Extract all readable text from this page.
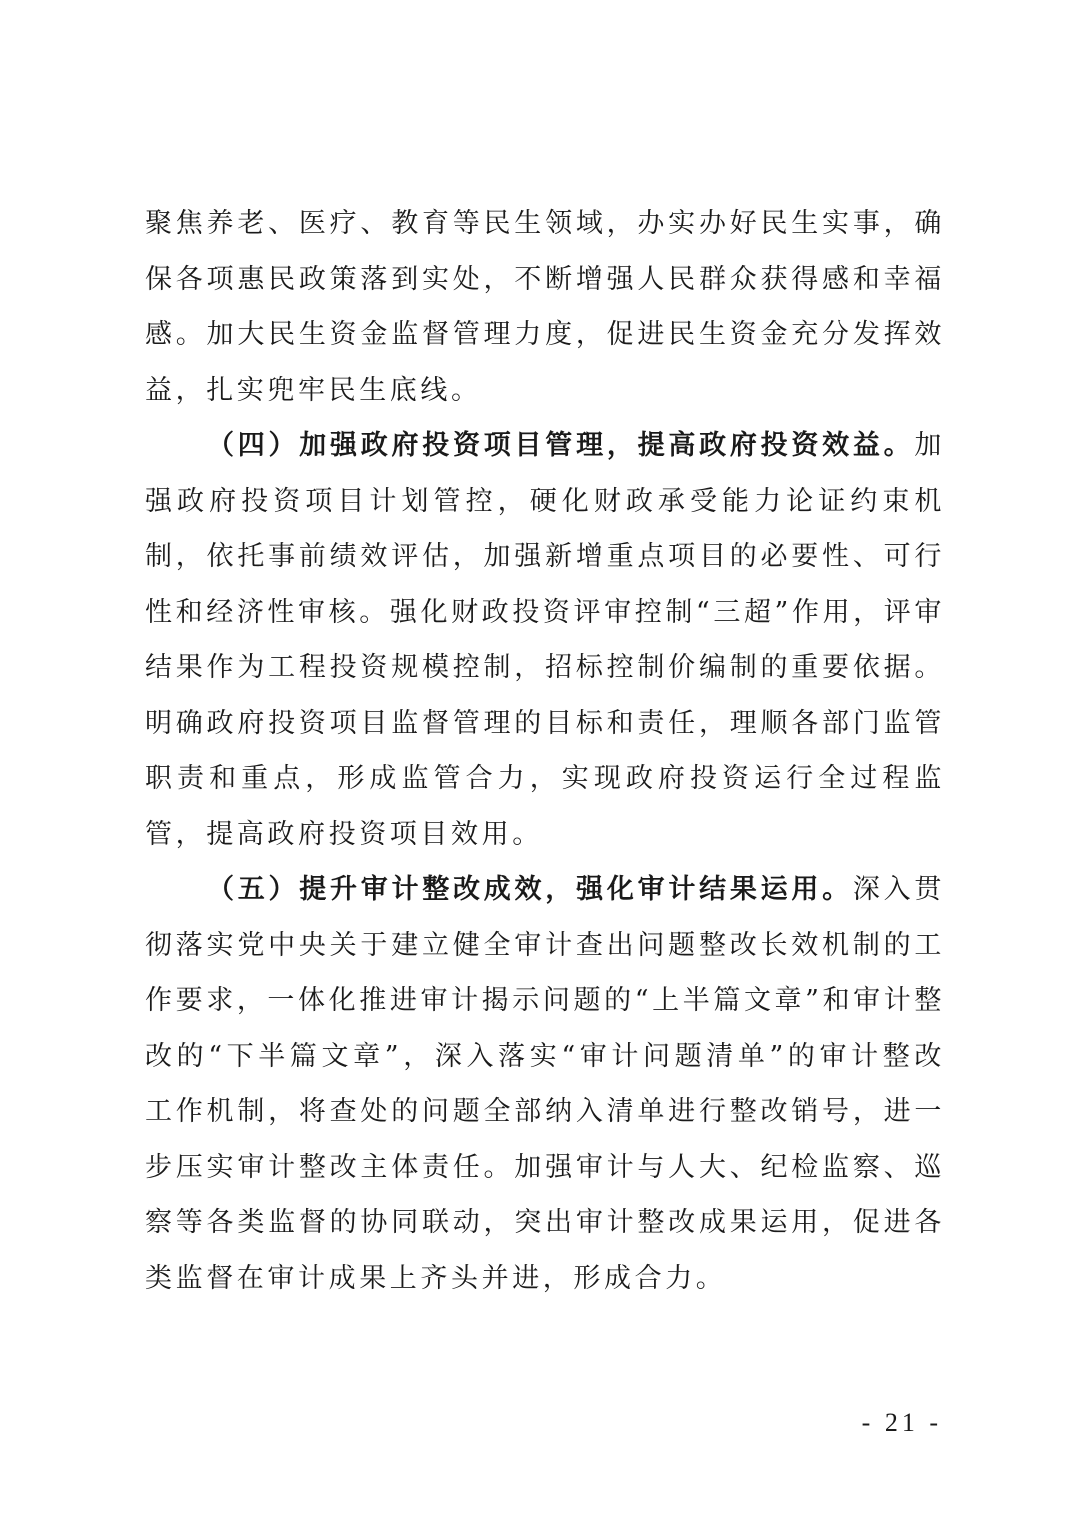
聚焦养老、医疗、教育等民生领域，办实办好民生实事，确保各项惠民政策落到实处，不断增强人民群众获得感和幸福感。加大民生资金监督管理力度，促进民生资金充分发挥效益，扎实兜牢民生底线。

（四）加强政府投资项目管理，提高政府投资效益。加强政府投资项目计划管控，硬化财政承受能力论证约束机制，依托事前绩效评估，加强新增重点项目的必要性、可行性和经济性审核。强化财政投资评审控制“三超”作用，评审结果作为工程投资规模控制，招标控制价编制的重要依据。明确政府投资项目监督管理的目标和责任，理顺各部门监管职责和重点，形成监管合力，实现政府投资运行全过程监管，提高政府投资项目效用。

（五）提升审计整改成效，强化审计结果运用。深入贯彻落实党中央关于建立健全审计查出问题整改长效机制的工作要求，一体化推进审计揭示问题的“上半篇文章”和审计整改的“下半篇文章”，深入落实“审计问题清单”的审计整改工作机制，将查处的问题全部纳入清单进行整改销号，进一步压实审计整改主体责任。加强审计与人大、纪检监察、巡察等各类监督的协同联动，突出审计整改成果运用，促进各类监督在审计成果上齐头并进，形成合力。

- 21 -
